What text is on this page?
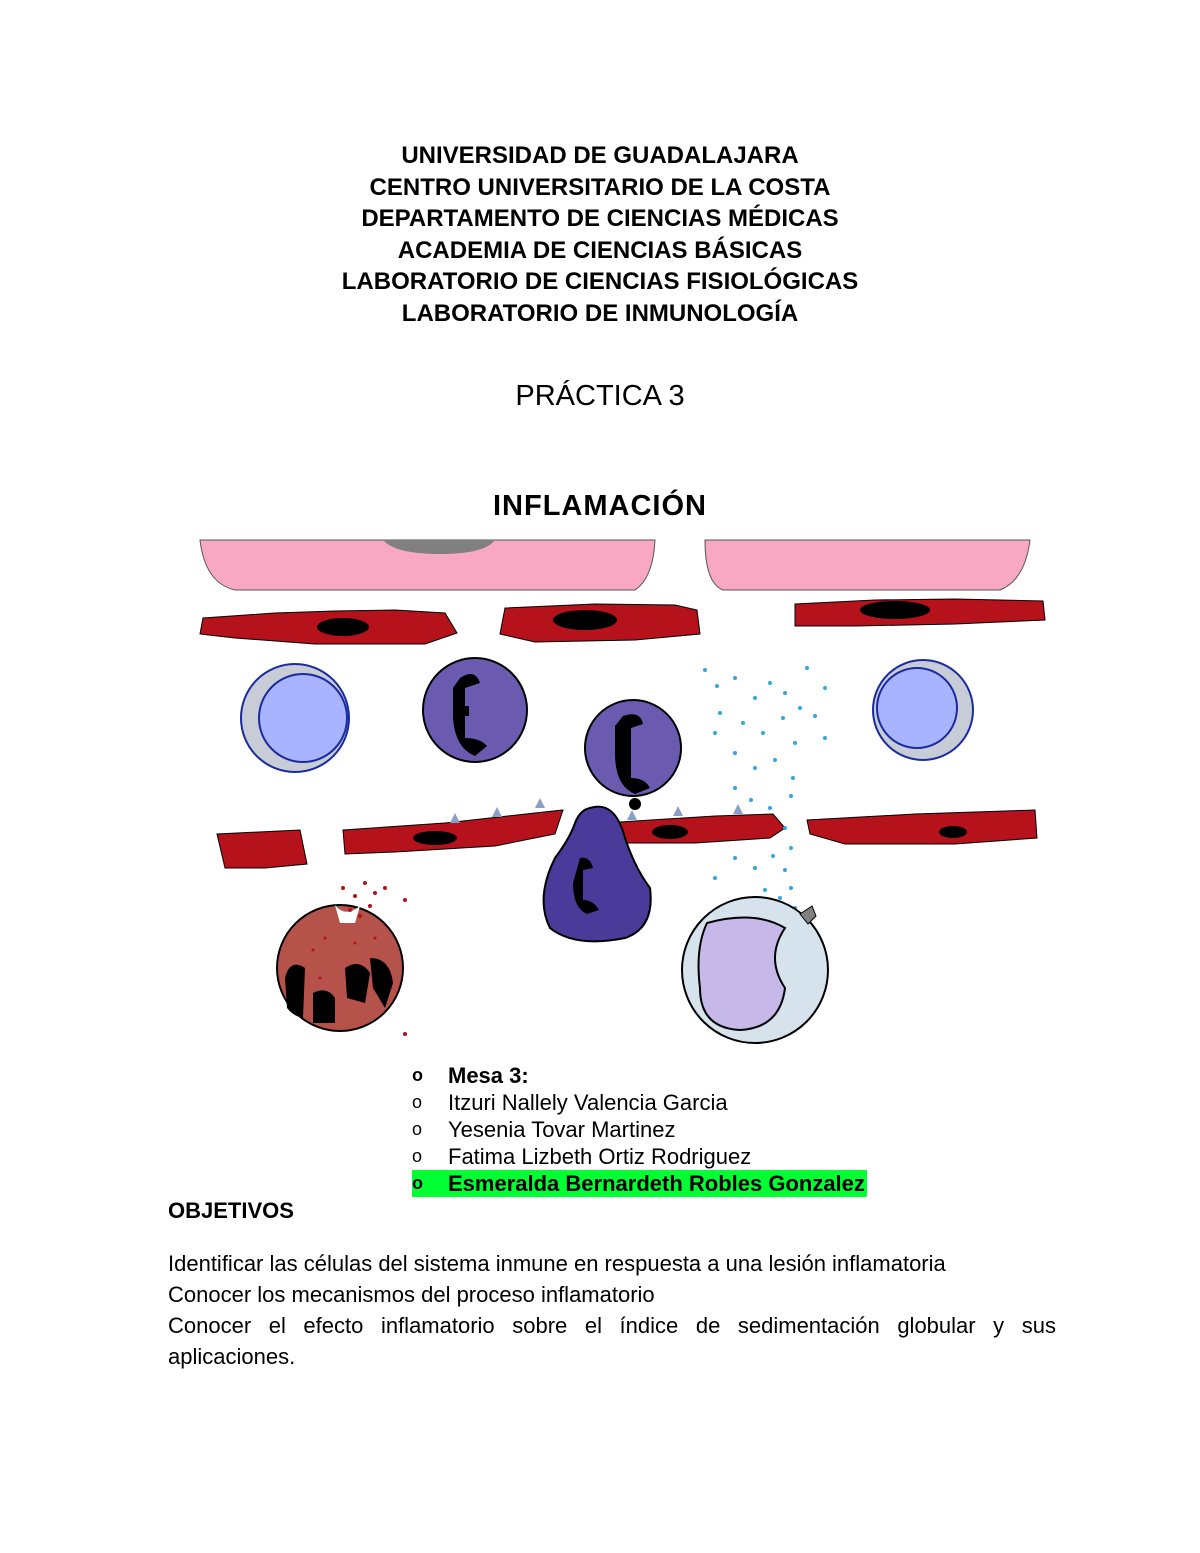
UNIVERSIDAD DE GUADALAJARA
CENTRO UNIVERSITARIO DE LA COSTA
DEPARTAMENTO DE CIENCIAS MÉDICAS
ACADEMIA DE CIENCIAS BÁSICAS
LABORATORIO DE CIENCIAS FISIOLÓGICAS
LABORATORIO DE INMUNOLOGÍA
PRÁCTICA 3
INFLAMACIÓN
o	Mesa 3:
o	Itzuri Nallely Valencia Garcia
o	Yesenia Tovar Martinez
o	Fatima Lizbeth Ortiz Rodriguez
o	Esmeralda Bernardeth Robles Gonzalez
OBJETIVOS

Identificar las células del sistema inmune en respuesta a una lesión inflamatoria

Conocer los mecanismos del proceso inflamatorio

Conocer el efecto inflamatorio sobre el índice de sedimentación globular y sus aplicaciones.
